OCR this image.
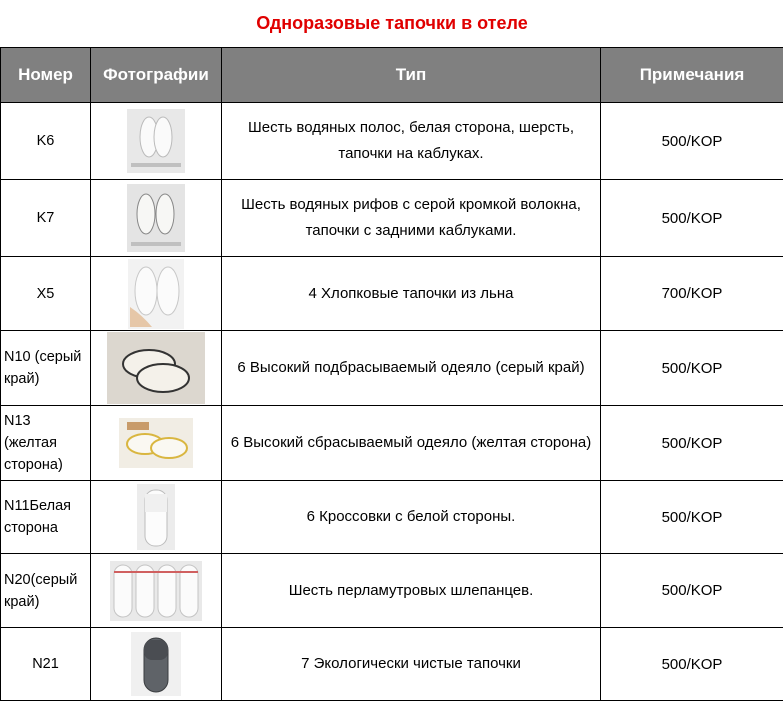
Одноразовые тапочки в отеле			
Номер	Фотографии	Тип	Примечания
K6		Шесть водяных полос, белая сторона, шерсть, тапочки на каблуках.	500/KOP
K7		Шесть водяных рифов с серой кромкой волокна, тапочки с задними каблуками.	500/KOP
X5		4 Хлопковые тапочки из льна	700/KOP
N10 (серый край)		6 Высокий подбрасываемый одеяло (серый край)	500/KOP
N13 (желтая сторона)		6 Высокий сбрасываемый одеяло (желтая сторона)	500/KOP
N11Белая сторона		6 Кроссовки с белой стороны.	500/KOP
N20(серый край)		Шесть перламутровых шлепанцев.	500/KOP
N21		7 Экологически чистые тапочки	500/KOP
